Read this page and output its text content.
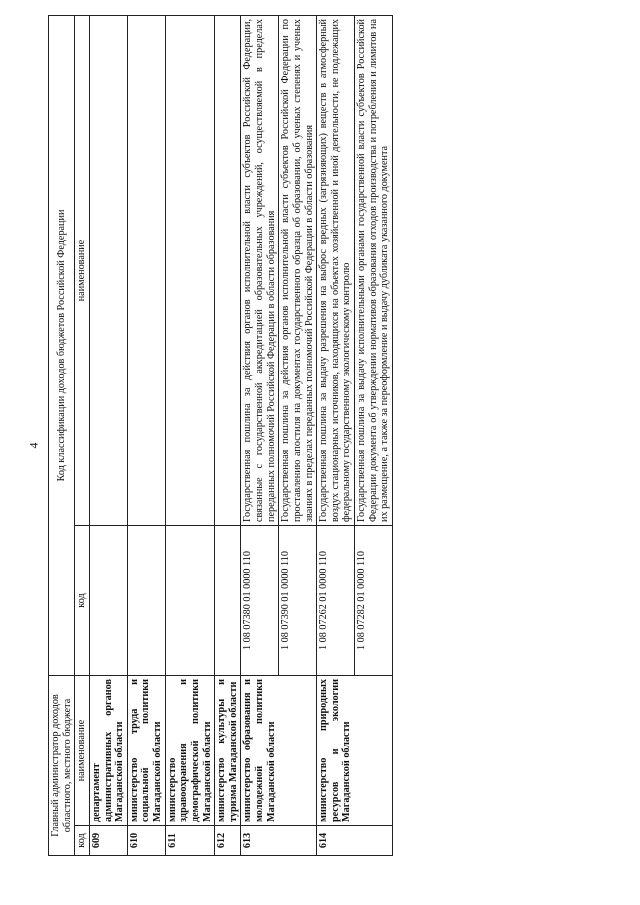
4
Главный администратор доходов областного, местного бюджета		Код классификации доходов бюджетов Российской Федерации	
код	наименование	код	наименование
609	департамент административных органов Магаданской области		
610	министерство труда и социальной политики Магаданской области		
611	министерство здравоохранения и демографической политики Магаданской области		
612	министерство культуры и туризма Магаданской области		
613	министерство образования и молодежной политики Магаданской области	1 08 07380 01 0000 110	Государственная пошлина за действия органов исполнительной власти субъектов Российской Федерации, связанные с государственной аккредитацией образовательных учреждений, осуществляемой в пределах переданных полномочий Российской Федерации в области образования
		1 08 07390 01 0000 110	Государственная пошлина за действия органов исполнительной власти субъектов Российской Федерации по проставлению апостиля на документах государственного образца об образовании, об ученых степенях и ученых званиях в пределах переданных полномочий Российской Федерации в области образования
614	министерство природных ресурсов и экологии Магаданской области	1 08 07262 01 0000 110	Государственная пошлина за выдачу разрешения на выброс вредных (загрязняющих) веществ в атмосферный воздух стационарных источников, находящихся на объектах хозяйственной и иной деятельности, не подлежащих федеральному государственному экологическому контролю
		1 08 07282 01 0000 110	Государственная пошлина за выдачу исполнительными органами государственной власти субъектов Российской Федерации документа об утверждении нормативов образования отходов производства и потребления и лимитов на их размещение, а также за переоформление и выдачу дубликата указанного документа
